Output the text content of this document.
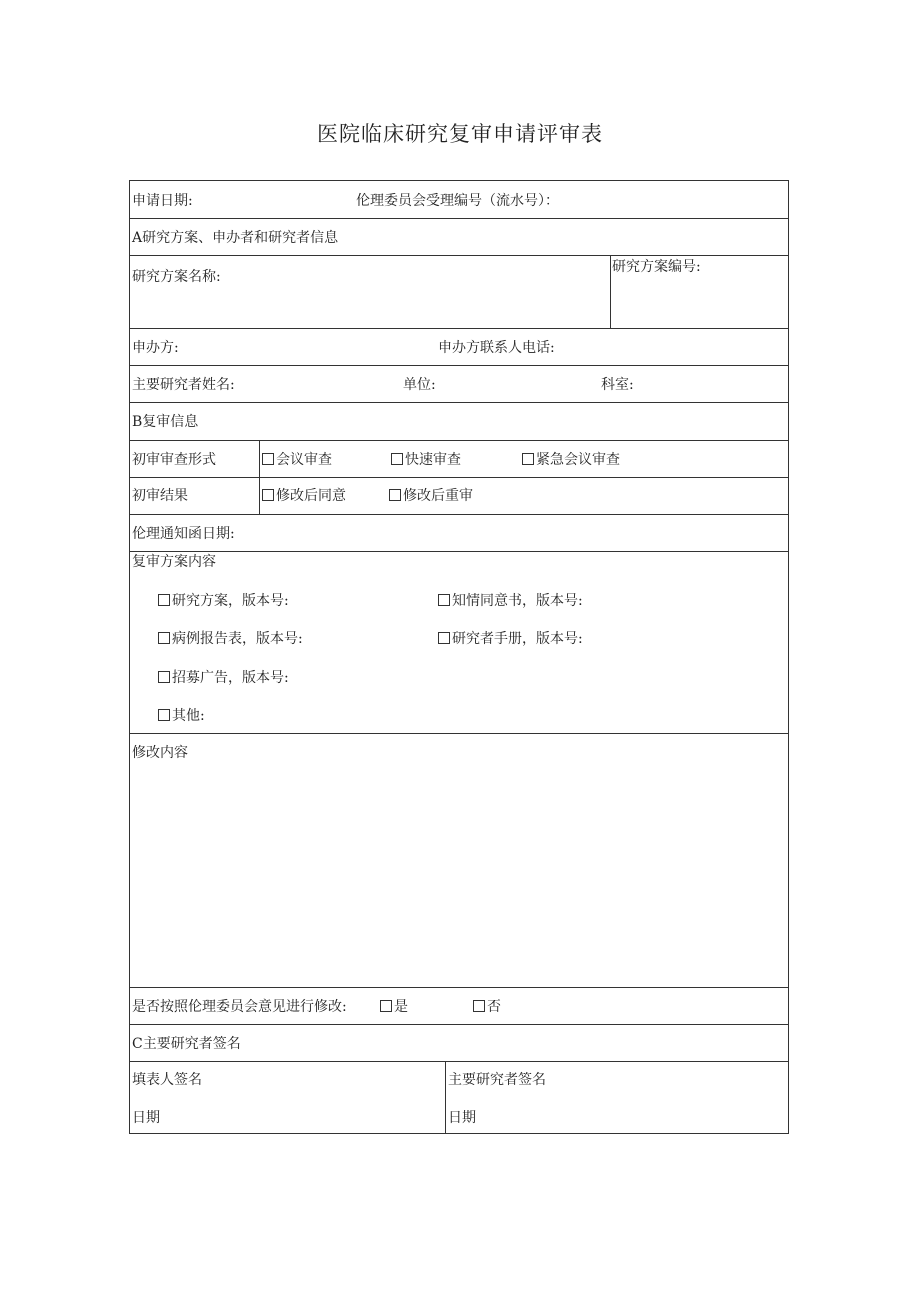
医院临床研究复审申请评审表
申请日期:	伦理委员会受理编号（流水号）：
A研究方案、申办者和研究者信息
研究方案名称:
研究方案编号:
申办方:	申办方联系人电话:
主要研究者姓名:	单位:	科室:
B复审信息
初审审查形式	会议审查	快速审查	紧急会议审查
初审结果	修改后同意	修改后重审
伦理通知函日期:
复审方案内容
研究方案，版本号:	知情同意书，版本号:
病例报告表，版本号:	研究者手册，版本号:
招募广告，版本号:
其他:
修改内容
是否按照伦理委员会意见进行修改:	是	否
C主要研究者签名
填表人签名	主要研究者签名
日期	日期
